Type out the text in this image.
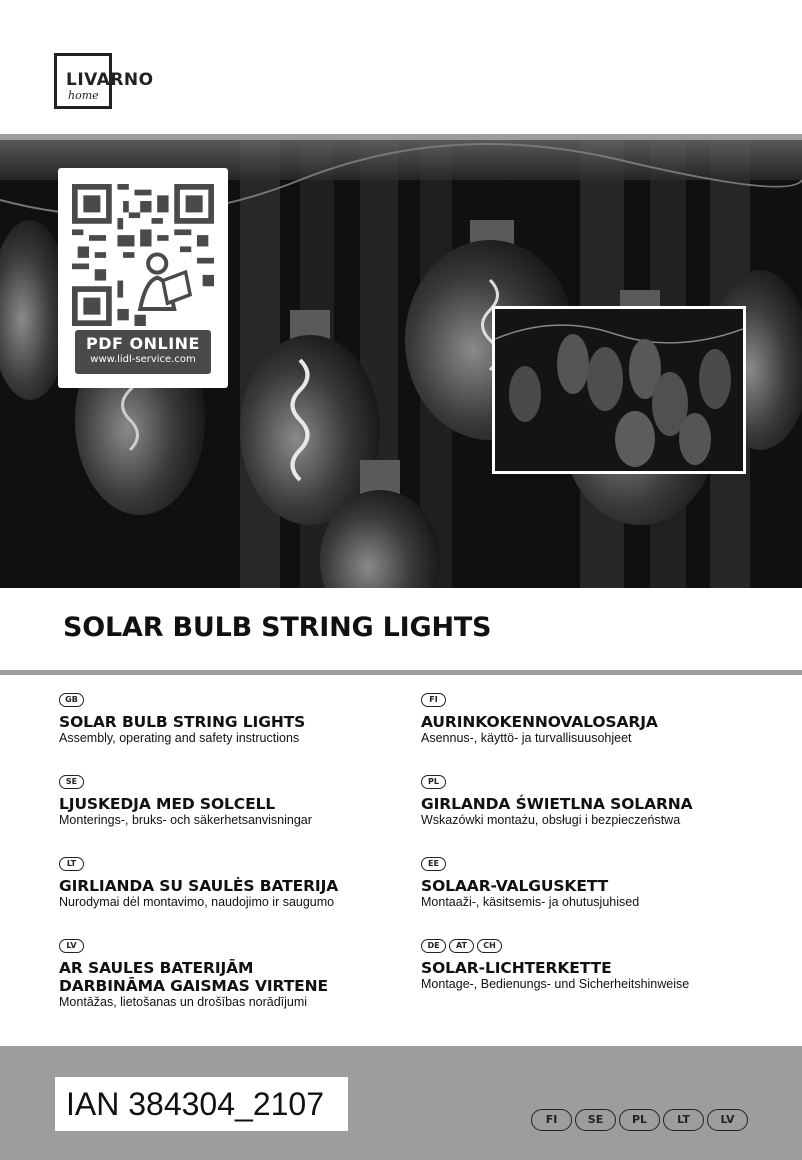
LIVARNO
home
PDF ONLINE
www.lidl-service.com
SOLAR BULB STRING LIGHTS
GB
SOLAR BULB STRING LIGHTS
Assembly, operating and safety instructions
FI
AURINKOKENNOVALOSARJA
Asennus-, käyttö- ja turvallisuusohjeet
SE
LJUSKEDJA MED SOLCELL
Monterings-, bruks- och säkerhetsanvisningar
PL
GIRLANDA ŚWIETLNA SOLARNA
Wskazówki montażu, obsługi i bezpieczeństwa
LT
GIRLIANDA SU SAULĖS BATERIJA
Nurodymai dėl montavimo, naudojimo ir saugumo
EE
SOLAAR-VALGUSKETT
Montaaži-, käsitsemis- ja ohutusjuhised
LV
AR SAULES BATERIJĀM
DARBINĀMA GAISMAS VIRTENE
Montāžas, lietošanas un drošības norādījumi
DE	AT	CH
SOLAR-LICHTERKETTE
Montage-, Bedienungs- und Sicherheitshinweise
IAN 384304_2107	FI	SE	PL	LT	LV
